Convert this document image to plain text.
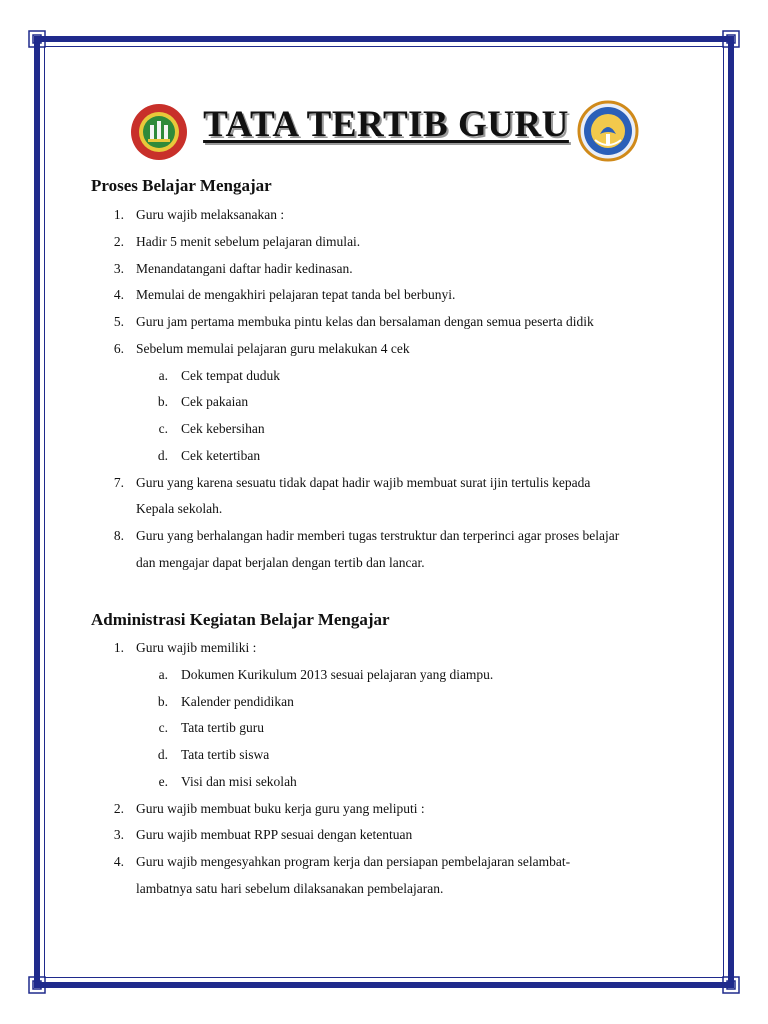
TATA TERTIB GURU
Proses Belajar Mengajar
1. Guru wajib melaksanakan :
2. Hadir 5 menit sebelum pelajaran dimulai.
3. Menandatangani daftar hadir kedinasan.
4. Memulai de mengakhiri pelajaran tepat tanda bel berbunyi.
5. Guru jam pertama membuka pintu kelas dan bersalaman dengan semua peserta didik
6. Sebelum memulai pelajaran guru melakukan 4 cek
a. Cek tempat duduk
b. Cek pakaian
c. Cek kebersihan
d. Cek ketertiban
7. Guru yang karena sesuatu tidak dapat hadir wajib membuat surat ijin tertulis kepada
Kepala sekolah.
8. Guru yang berhalangan hadir memberi tugas terstruktur dan terperinci agar proses belajar
dan mengajar dapat berjalan dengan tertib dan lancar.
Administrasi Kegiatan Belajar Mengajar
1. Guru wajib memiliki :
a. Dokumen Kurikulum 2013 sesuai pelajaran yang diampu.
b. Kalender pendidikan
c. Tata tertib guru
d. Tata tertib siswa
e. Visi dan misi sekolah
2. Guru wajib membuat buku kerja guru yang meliputi :
3. Guru wajib membuat RPP sesuai dengan ketentuan
4. Guru wajib mengesyahkan program kerja dan persiapan pembelajaran selambat-
lambatnya satu hari sebelum dilaksanakan pembelajaran.
